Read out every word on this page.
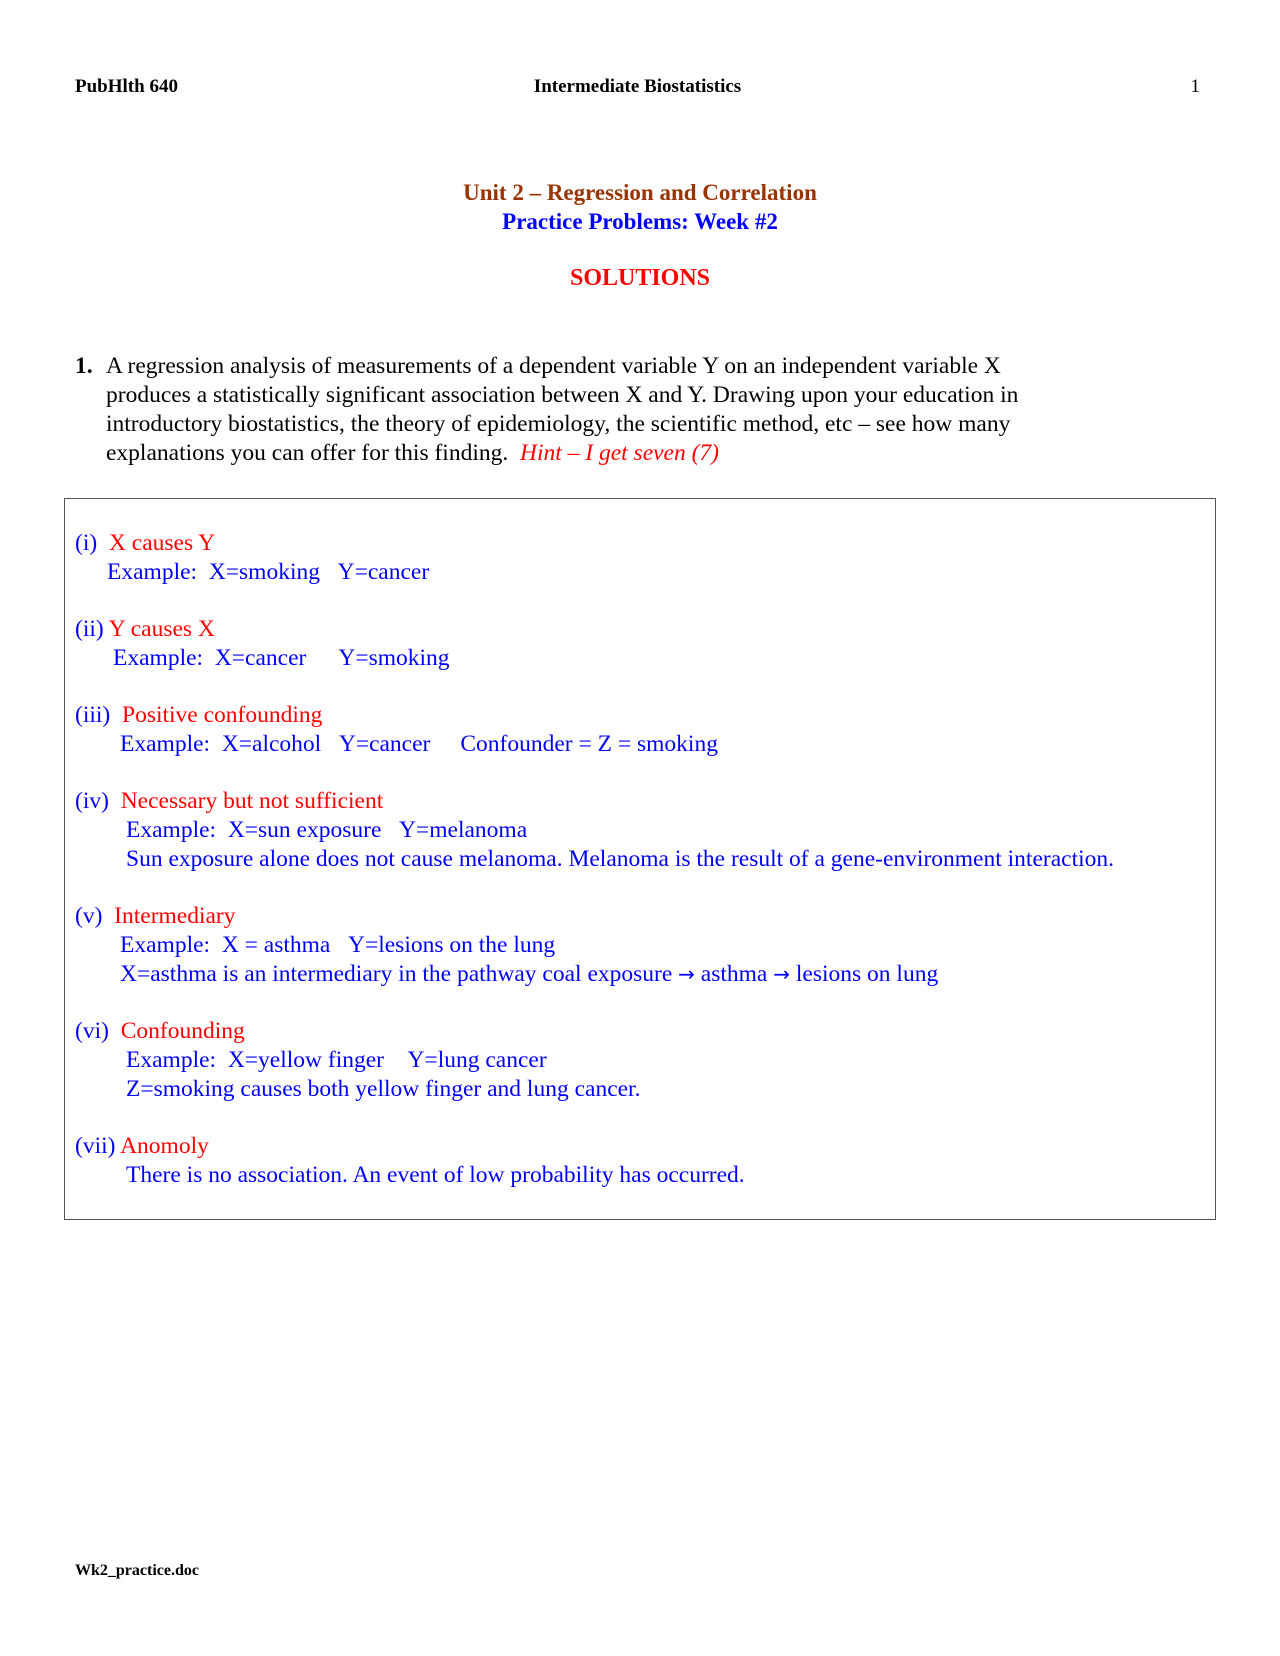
PubHlth 640	Intermediate Biostatistics	1
Unit 2 – Regression and Correlation
Practice Problems: Week #2
SOLUTIONS
1. A regression analysis of measurements of a dependent variable Y on an independent variable X
produces a statistically significant association between X and Y. Drawing upon your education in
introductory biostatistics, the theory of epidemiology, the scientific method, etc – see how many
explanations you can offer for this finding. Hint – I get seven (7)
(i) X causes Y
Example: X=smoking Y=cancer
(ii) Y causes X
Example: X=cancer Y=smoking
(iii) Positive confounding
Example: X=alcohol Y=cancer Confounder = Z = smoking
(iv) Necessary but not sufficient
Example: X=sun exposure Y=melanoma
Sun exposure alone does not cause melanoma. Melanoma is the result of a gene-environment interaction.
(v) Intermediary
Example: X = asthma Y=lesions on the lung
X=asthma is an intermediary in the pathway coal exposure → asthma → lesions on lung
(vi) Confounding
Example: X=yellow finger Y=lung cancer
Z=smoking causes both yellow finger and lung cancer.
(vii) Anomoly
There is no association. An event of low probability has occurred.
Wk2_practice.doc
